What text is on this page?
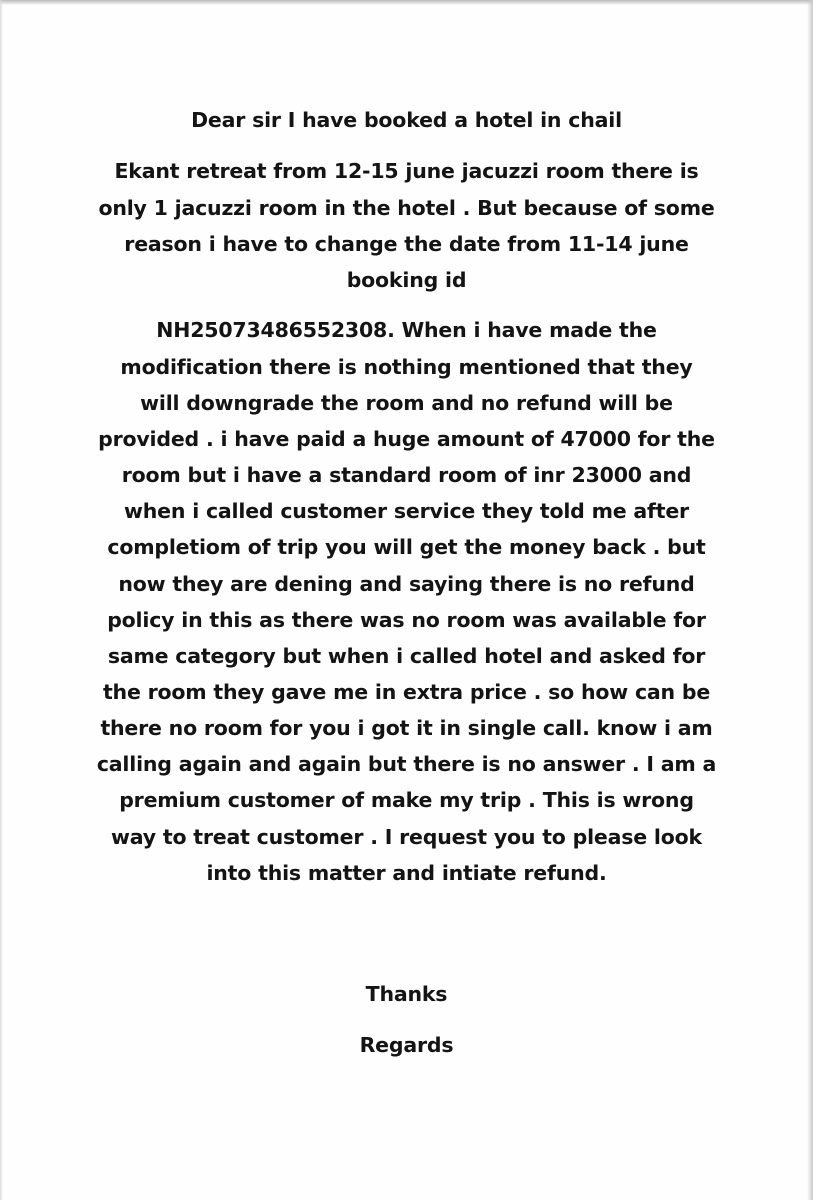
Dear sir I have booked a hotel in chail
Ekant retreat from 12-15 june jacuzzi room there is
only 1 jacuzzi room in the hotel . But because of some
reason i have to change the date from 11-14 june
booking id
NH25073486552308. When i have made the
modification there is nothing mentioned that they
will downgrade the room and no refund will be
provided . i have paid a huge amount of 47000 for the
room but i have a standard room of inr 23000 and
when i called customer service they told me after
completiom of trip you will get the money back . but
now they are dening and saying there is no refund
policy in this as there was no room was available for
same category but when i called hotel and asked for
the room they gave me in extra price . so how can be
there no room for you i got it in single call. know i am
calling again and again but there is no answer . I am a
premium customer of make my trip . This is wrong
way to treat customer . I request you to please look
into this matter and intiate refund.
Thanks
Regards
